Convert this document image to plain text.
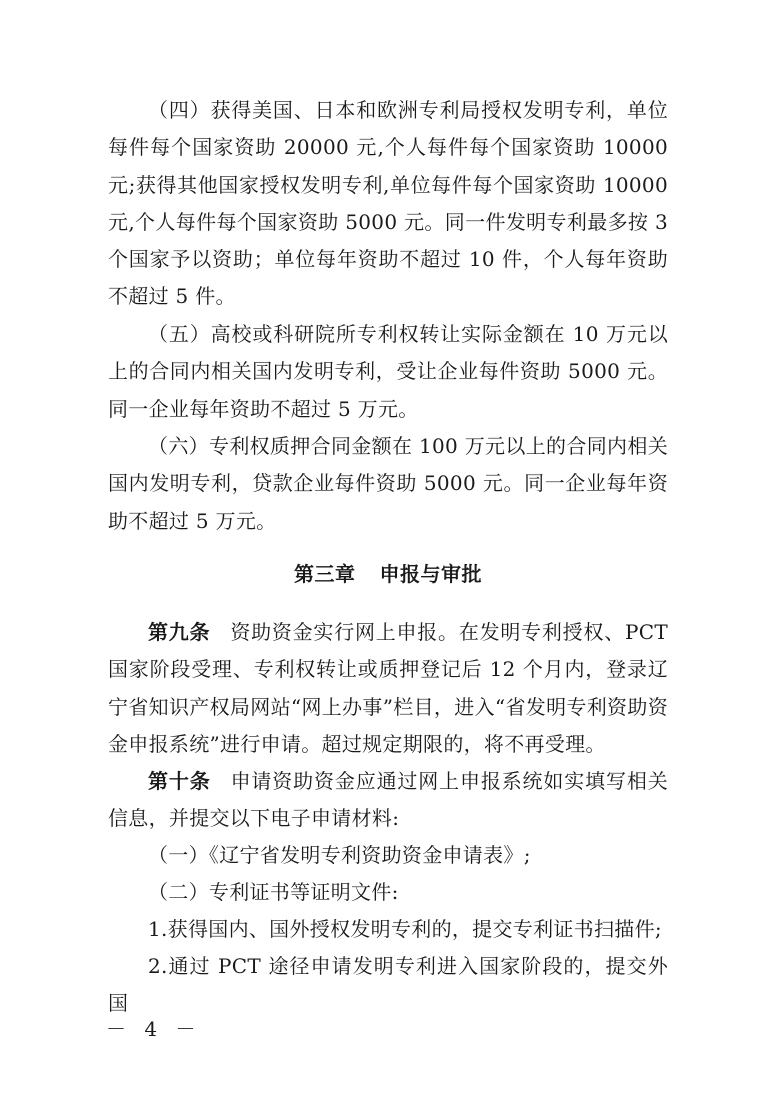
（四）获得美国、日本和欧洲专利局授权发明专利，单位每件每个国家资助 20000 元,个人每件每个国家资助 10000 元;获得其他国家授权发明专利,单位每件每个国家资助 10000 元,个人每件每个国家资助 5000 元。同一件发明专利最多按 3 个国家予以资助；单位每年资助不超过 10 件，个人每年资助不超过 5 件。

（五）高校或科研院所专利权转让实际金额在 10 万元以上的合同内相关国内发明专利，受让企业每件资助 5000 元。同一企业每年资助不超过 5 万元。

（六）专利权质押合同金额在 100 万元以上的合同内相关国内发明专利，贷款企业每件资助 5000 元。同一企业每年资助不超过 5 万元。

第三章 申报与审批

第九条 资助资金实行网上申报。在发明专利授权、PCT 国家阶段受理、专利权转让或质押登记后 12 个月内，登录辽宁省知识产权局网站“网上办事”栏目，进入“省发明专利资助资金申报系统”进行申请。超过规定期限的，将不再受理。

第十条 申请资助资金应通过网上申报系统如实填写相关信息，并提交以下电子申请材料:

（一）《辽宁省发明专利资助资金申请表》;

（二）专利证书等证明文件:

1.获得国内、国外授权发明专利的，提交专利证书扫描件;

2.通过 PCT 途径申请发明专利进入国家阶段的，提交外国

－ 4 －
